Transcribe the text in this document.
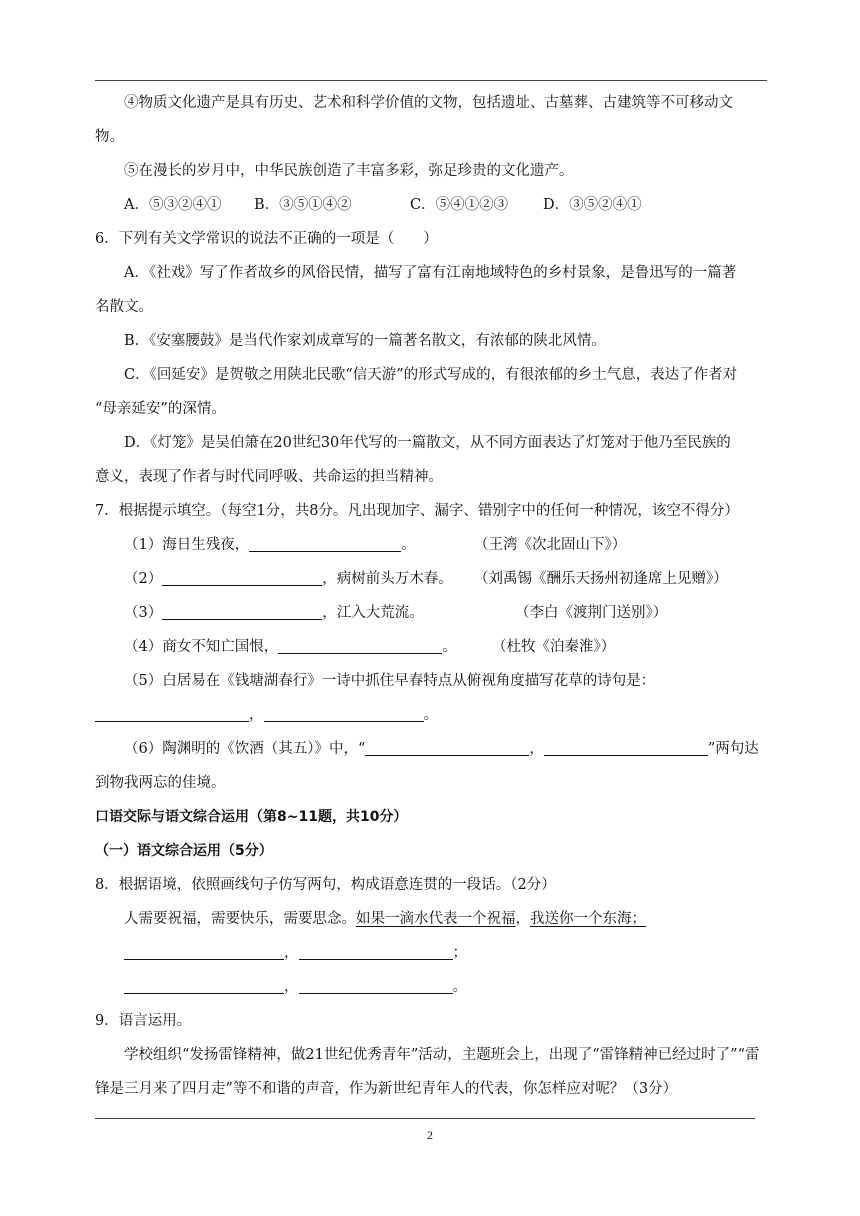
④物质文化遗产是具有历史、艺术和科学价值的文物，包括遗址、古墓葬、古建筑等不可移动文
物。
⑤在漫长的岁月中，中华民族创造了丰富多彩，弥足珍贵的文化遗产。
A．⑤③②④① B．③⑤①④②	C．⑤④①②③ D．③⑤②④①
6．下列有关文学常识的说法不正确的一项是（　　）
A．《社戏》写了作者故乡的风俗民情，描写了富有江南地域特色的乡村景象，是鲁迅写的一篇著
名散文。
B．《安塞腰鼓》是当代作家刘成章写的一篇著名散文，有浓郁的陕北风情。
C．《回延安》是贺敬之用陕北民歌“信天游”的形式写成的，有很浓郁的乡土气息，表达了作者对
“母亲延安”的深情。
D．《灯笼》是吴伯箫在20世纪30年代写的一篇散文，从不同方面表达了灯笼对于他乃至民族的
意义，表现了作者与时代同呼吸、共命运的担当精神。
7．根据提示填空。（每空1分，共8分。凡出现加字、漏字、错别字中的任何一种情况，该空不得分）
（1）海日生残夜，	。	（王湾《次北固山下》）
（2）	，病树前头万木春。 （刘禹锡《酬乐天扬州初逢席上见赠》）
（3）	，江入大荒流。	（李白《渡荆门送别》）
（4）商女不知亡国恨，	。 （杜牧《泊秦淮》）
（5）白居易在《钱塘湖春行》一诗中抓住早春特点从俯视角度描写花草的诗句是：
，	。
（6）陶渊明的《饮酒（其五）》中，“	，	”两句达
到物我两忘的佳境。
口语交际与语文综合运用（第8~11题，共10分）
（一）语文综合运用（5分）
8．根据语境，依照画线句子仿写两句，构成语意连贯的一段话。（2分）
人需要祝福，需要快乐，需要思念。如果一滴水代表一个祝福，我送你一个东海；
，	；
，	。
9．语言运用。
学校组织“发扬雷锋精神，做21世纪优秀青年”活动，主题班会上，出现了“雷锋精神已经过时了”“雷
锋是三月来了四月走”等不和谐的声音，作为新世纪青年人的代表，你怎样应对呢？（3分）
2
